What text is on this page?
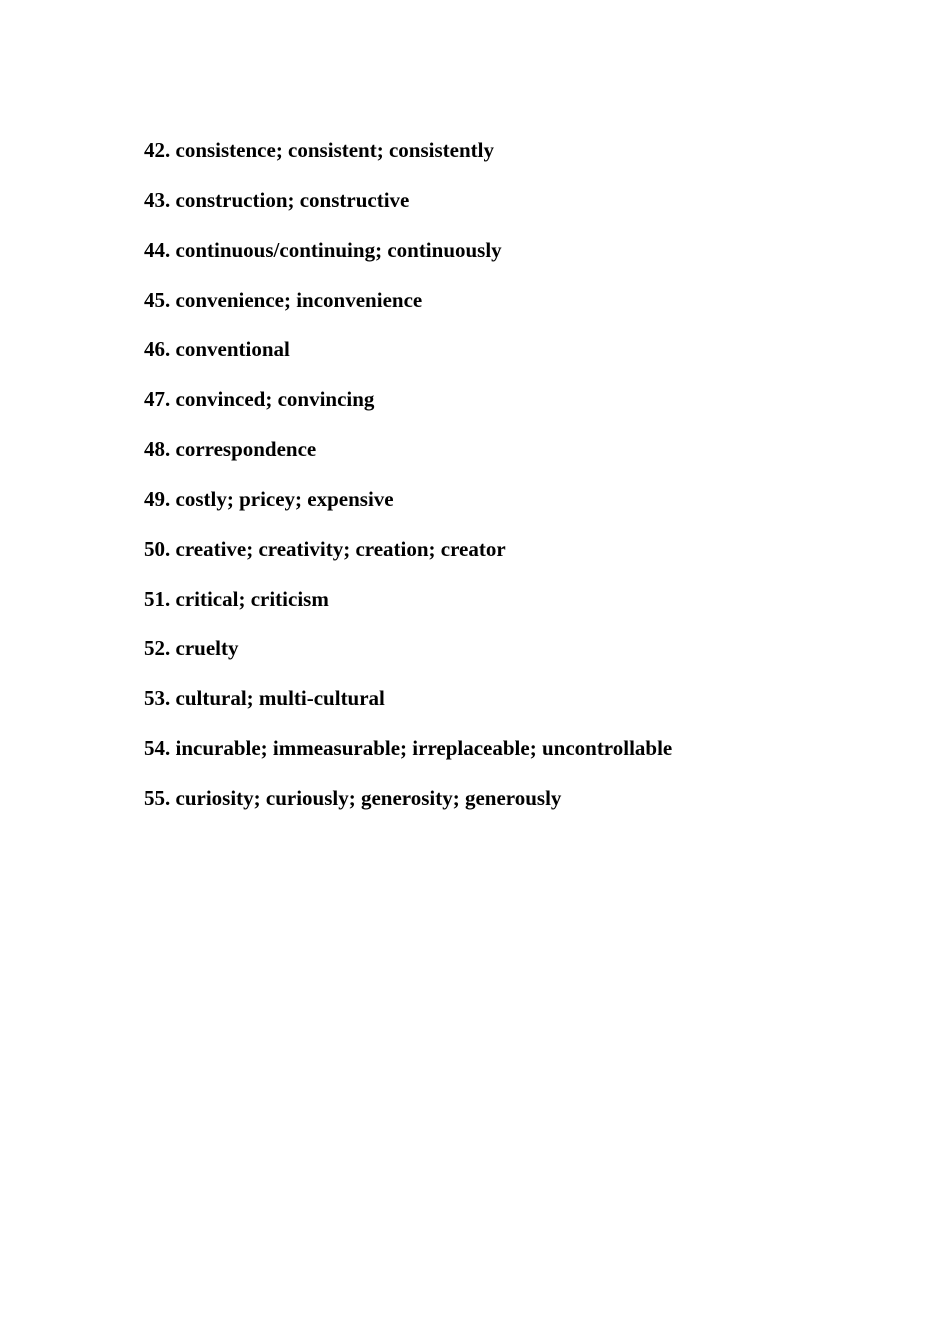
42. consistence; consistent; consistently
43. construction; constructive
44. continuous/continuing; continuously
45. convenience; inconvenience
46. conventional
47. convinced; convincing
48. correspondence
49. costly; pricey; expensive
50. creative; creativity; creation; creator
51. critical; criticism
52. cruelty
53. cultural; multi-cultural
54. incurable; immeasurable; irreplaceable; uncontrollable
55. curiosity; curiously; generosity; generously
